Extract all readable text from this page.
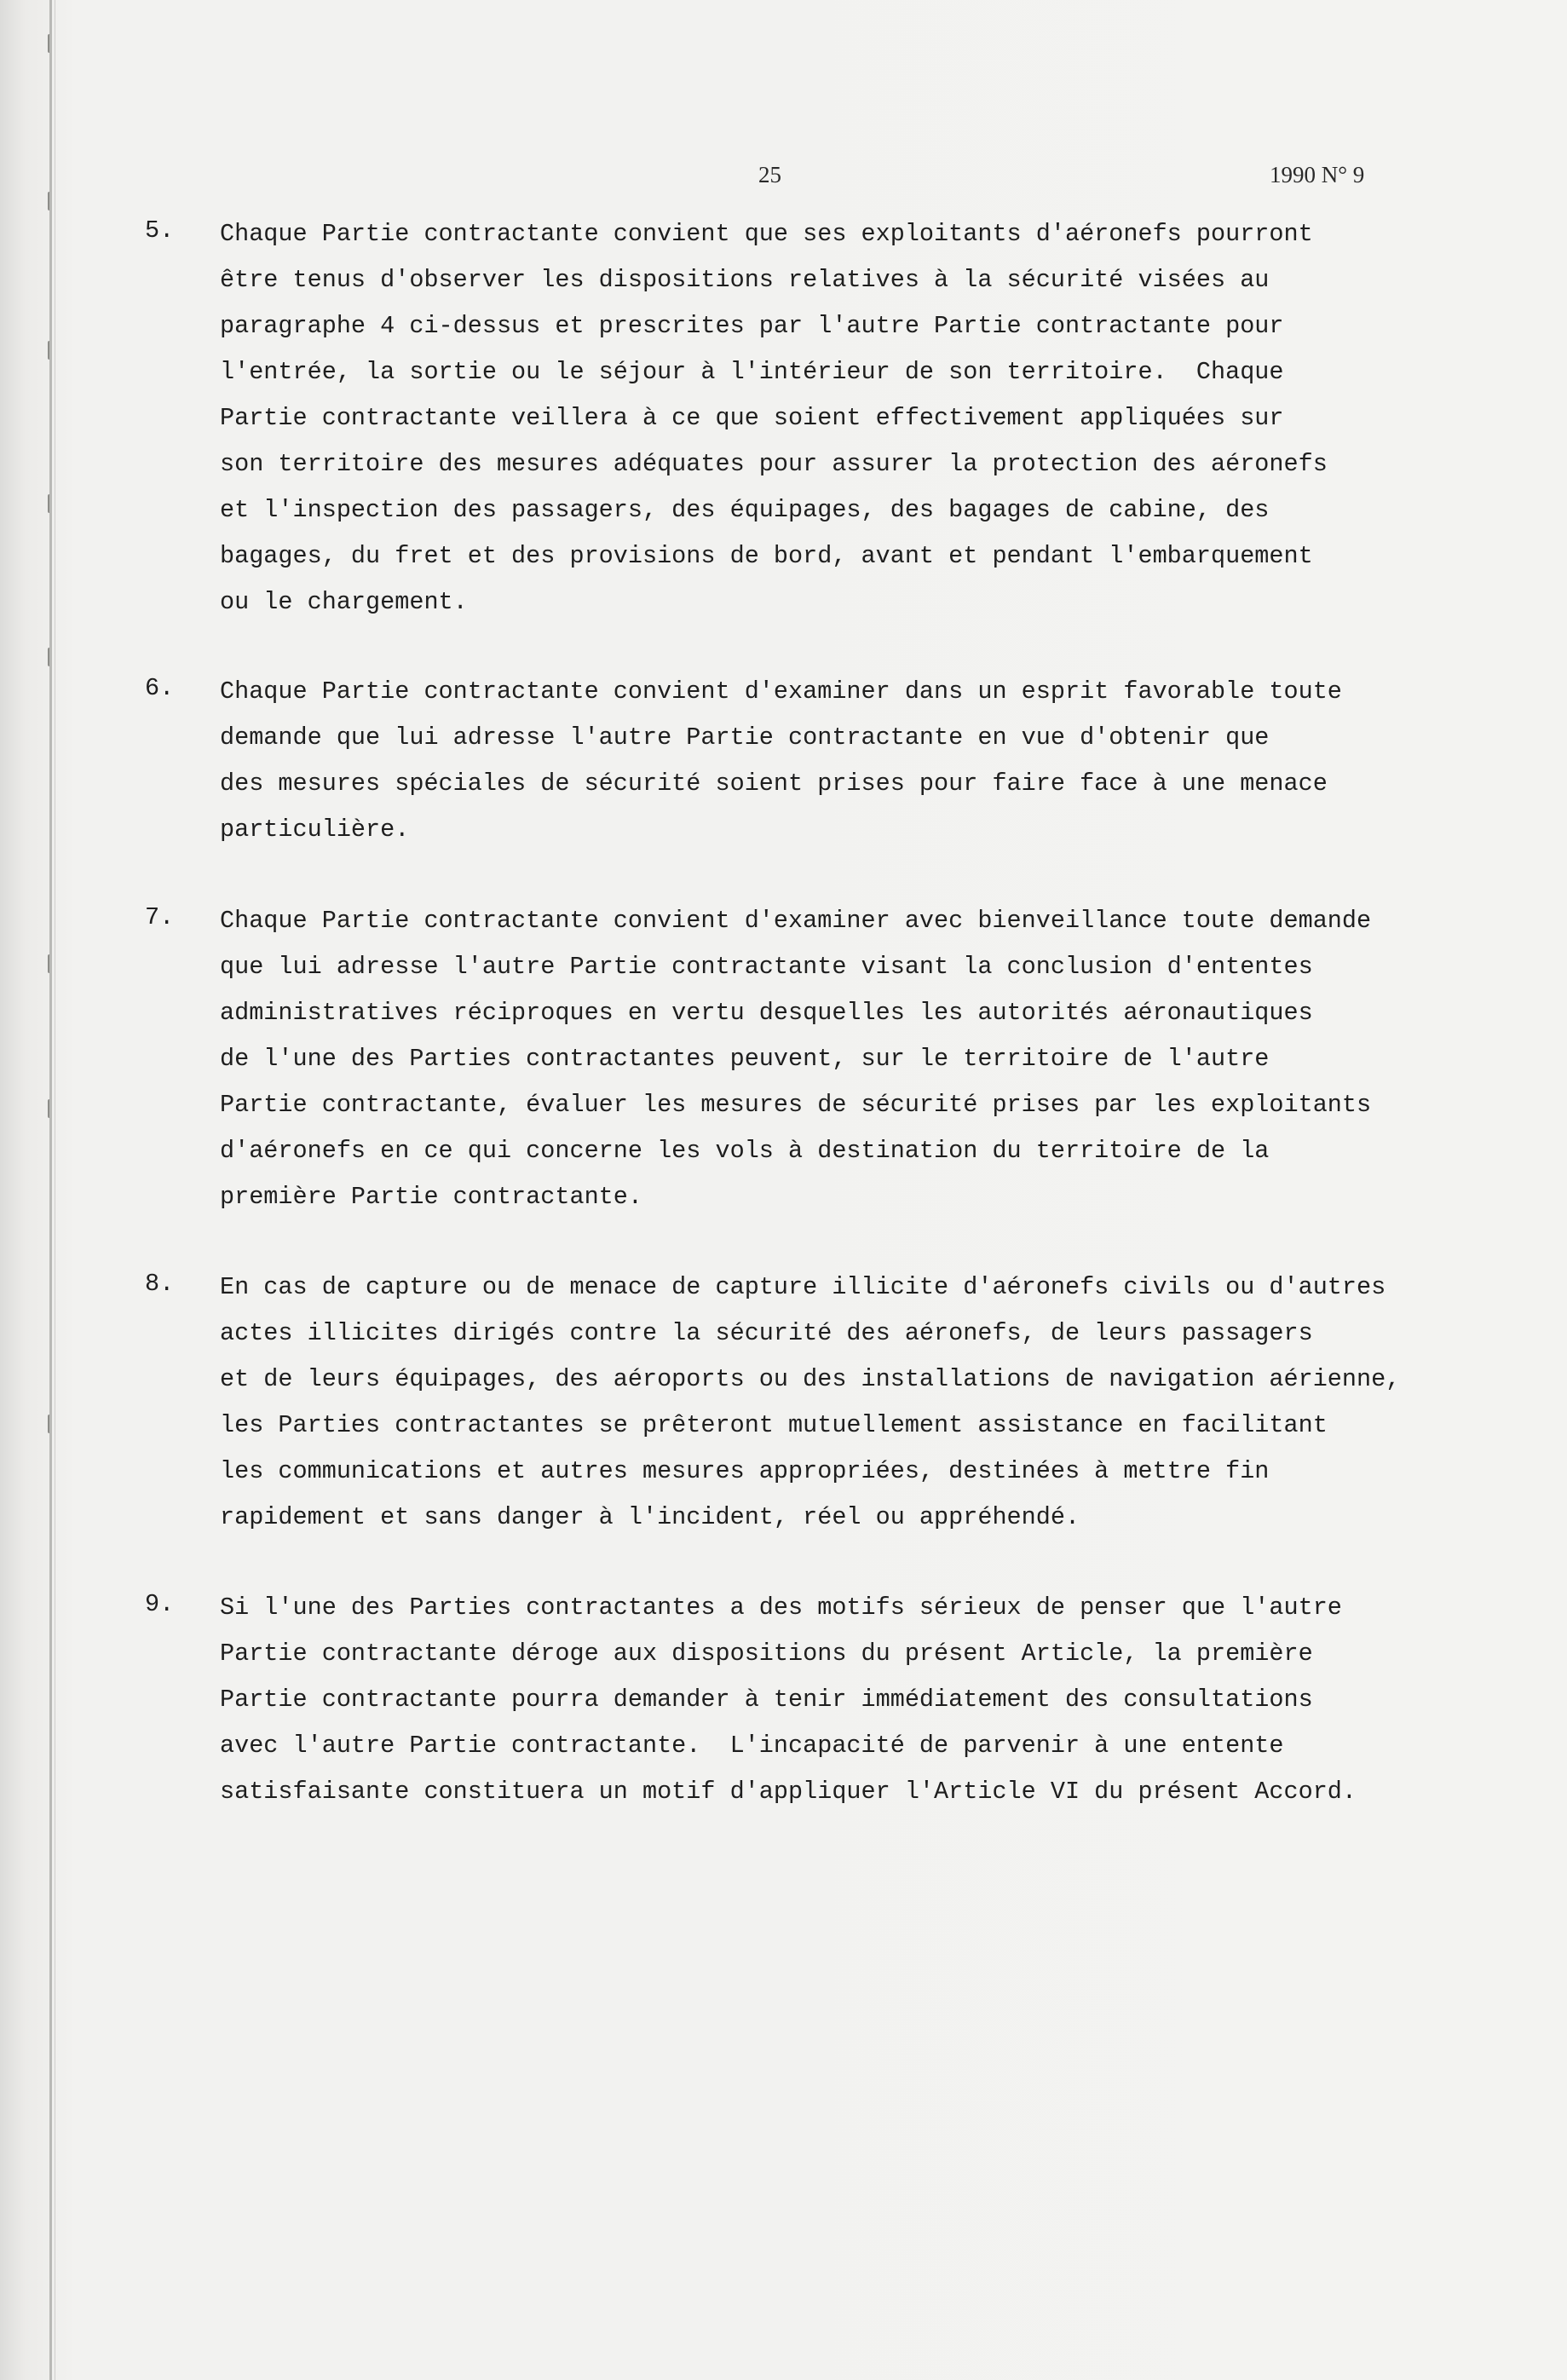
25	1990 N° 9
5. Chaque Partie contractante convient que ses exploitants d'aéronefs pourront
être tenus d'observer les dispositions relatives à la sécurité visées au
paragraphe 4 ci-dessus et prescrites par l'autre Partie contractante pour
l'entrée, la sortie ou le séjour à l'intérieur de son territoire.  Chaque
Partie contractante veillera à ce que soient effectivement appliquées sur
son territoire des mesures adéquates pour assurer la protection des aéronefs
et l'inspection des passagers, des équipages, des bagages de cabine, des
bagages, du fret et des provisions de bord, avant et pendant l'embarquement
ou le chargement.
6. Chaque Partie contractante convient d'examiner dans un esprit favorable toute
demande que lui adresse l'autre Partie contractante en vue d'obtenir que
des mesures spéciales de sécurité soient prises pour faire face à une menace
particulière.
7. Chaque Partie contractante convient d'examiner avec bienveillance toute demande
que lui adresse l'autre Partie contractante visant la conclusion d'ententes
administratives réciproques en vertu desquelles les autorités aéronautiques
de l'une des Parties contractantes peuvent, sur le territoire de l'autre
Partie contractante, évaluer les mesures de sécurité prises par les exploitants
d'aéronefs en ce qui concerne les vols à destination du territoire de la
première Partie contractante.
8. En cas de capture ou de menace de capture illicite d'aéronefs civils ou d'autres
actes illicites dirigés contre la sécurité des aéronefs, de leurs passagers
et de leurs équipages, des aéroports ou des installations de navigation aérienne,
les Parties contractantes se prêteront mutuellement assistance en facilitant
les communications et autres mesures appropriées, destinées à mettre fin
rapidement et sans danger à l'incident, réel ou appréhendé.
9. Si l'une des Parties contractantes a des motifs sérieux de penser que l'autre
Partie contractante déroge aux dispositions du présent Article, la première
Partie contractante pourra demander à tenir immédiatement des consultations
avec l'autre Partie contractante.  L'incapacité de parvenir à une entente
satisfaisante constituera un motif d'appliquer l'Article VI du présent Accord.
